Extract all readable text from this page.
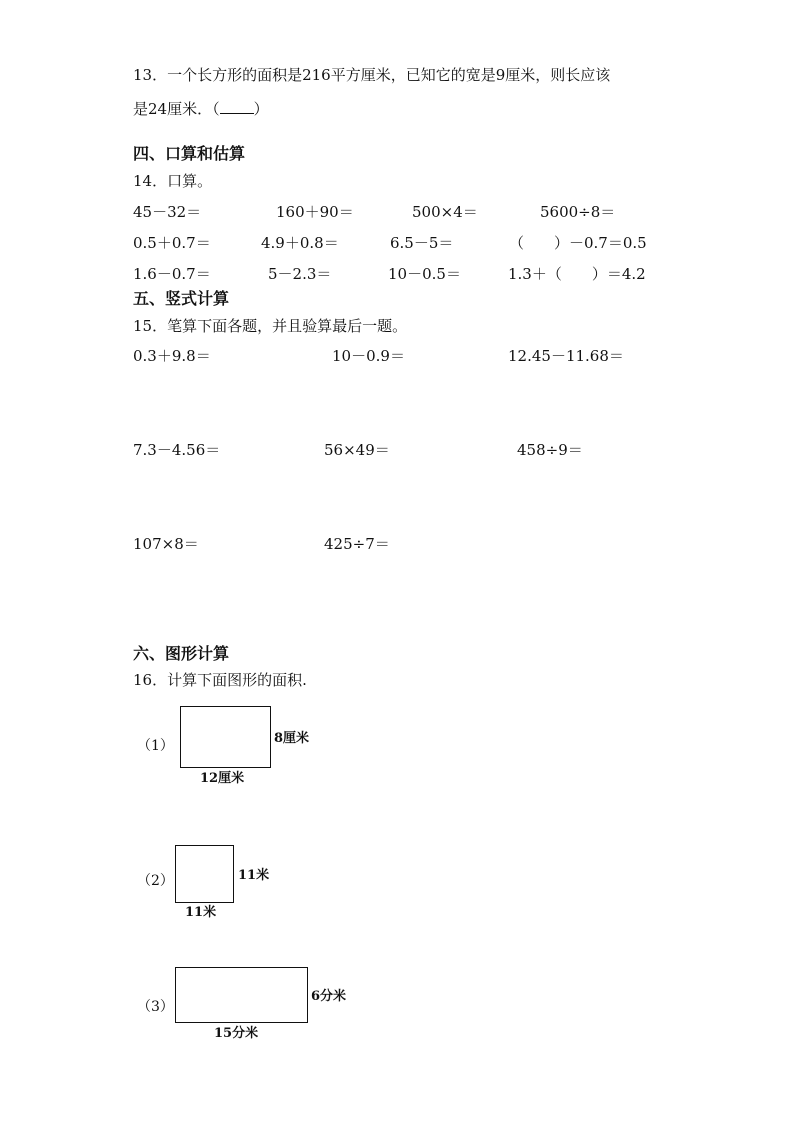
13．一个长方形的面积是216平方厘米，已知它的宽是9厘米，则长应该
是24厘米．（ ）
四、口算和估算
14．口算。
45－32＝	160＋90＝	500×4＝	5600÷8＝
0.5＋0.7＝	4.9＋0.8＝	6.5－5＝	（　　）－0.7＝0.5
1.6－0.7＝	5－2.3＝	10－0.5＝	1.3＋（　　）＝4.2
五、竖式计算
15．笔算下面各题，并且验算最后一题。
0.3＋9.8＝	10－0.9＝	12.45－11.68＝
7.3－4.56＝	56×49＝	458÷9＝
107×8＝	425÷7＝
六、图形计算
16．计算下面图形的面积.
（1）	8厘米
12厘米
（2）	11米
11米
（3）
6分米
15分米
